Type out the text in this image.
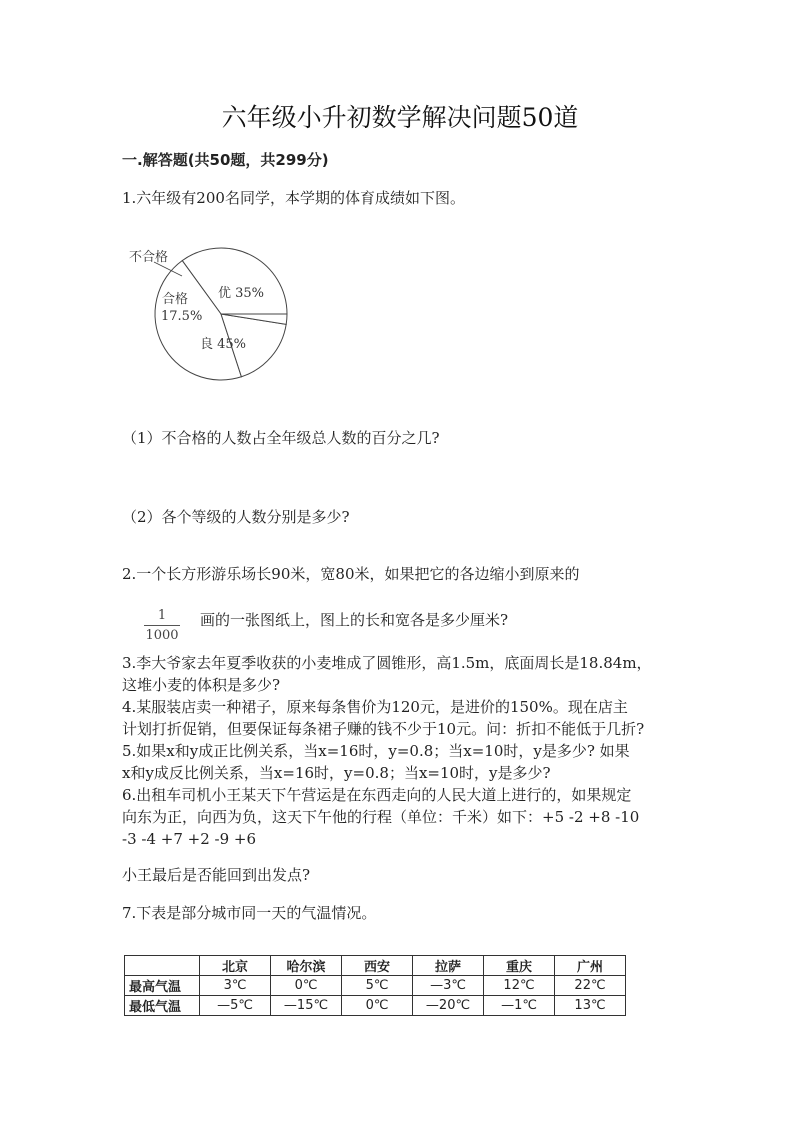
六年级小升初数学解决问题50道
一.解答题(共50题，共299分)
1.六年级有200名同学，本学期的体育成绩如下图。
优 35%
良 45%
合格
17.5%
不合格
（1）不合格的人数占全年级总人数的百分之几?
（2）各个等级的人数分别是多少?
2.一个长方形游乐场长90米，宽80米，如果把它的各边缩小到原来的
1
1000
画的一张图纸上，图上的长和宽各是多少厘米?
3.李大爷家去年夏季收获的小麦堆成了圆锥形，高1.5m，底面周长是18.84m，
这堆小麦的体积是多少?
4.某服装店卖一种裙子，原来每条售价为120元，是进价的150%。现在店主
计划打折促销，但要保证每条裙子赚的钱不少于10元。问：折扣不能低于几折?
5.如果x和y成正比例关系，当x=16时，y=0.8；当x=10时，y是多少? 如果
x和y成反比例关系，当x=16时，y=0.8；当x=10时，y是多少?
6.出租车司机小王某天下午营运是在东西走向的人民大道上进行的，如果规定
向东为正，向西为负，这天下午他的行程（单位：千米）如下：+5 -2 +8 -10
-3 -4 +7 +2 -9 +6
小王最后是否能回到出发点?
7.下表是部分城市同一天的气温情况。
	北京	哈尔滨	西安	拉萨	重庆	广州
最高气温	3℃	0℃	5℃	—3℃	12℃	22℃
最低气温	—5℃	—15℃	0℃	—20℃	—1℃	13℃
